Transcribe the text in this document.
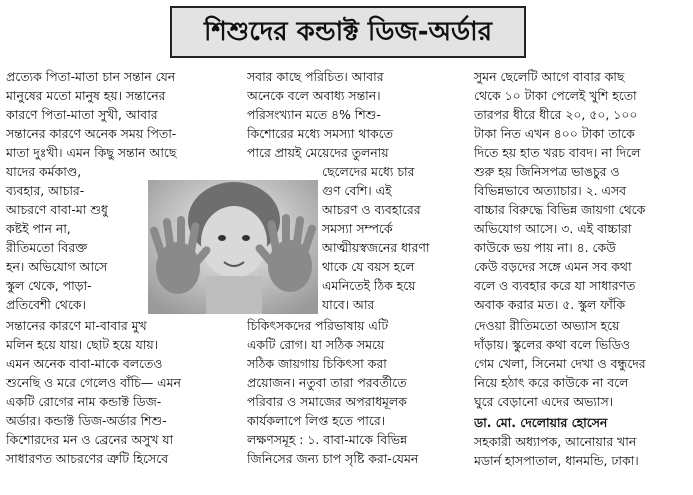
শিশুদের কন্ডাক্ট ডিজ-অর্ডার
প্রত্যেক পিতা-মাতা চান সন্তান যেন
মানুষের মতো মানুষ হয়। সন্তানের
কারণে পিতা-মাতা সুখী, আবার
সন্তানের কারণে অনেক সময় পিতা-
মাতা দুঃখী। এমন কিছু সন্তান আছে
যাদের কর্মকাণ্ড,
ব্যবহার, আচার-
আচরণে বাবা-মা শুধু
কষ্টই পান না,
রীতিমতো বিরক্ত
হন। অভিযোগ আসে
স্কুল থেকে, পাড়া-
প্রতিবেশী থেকে।
সন্তানের কারণে মা-বাবার মুখ
মলিন হয়ে যায়। ছোট হয়ে যায়।
এমন অনেক বাবা-মাকে বলতেও
শুনেছি ও মরে গেলেও বাঁচি— এমন
একটি রোগের নাম কন্ডাক্ট ডিজ-
অর্ডার। কন্ডাক্ট ডিজ-অর্ডার শিশু-
কিশোরদের মন ও ব্রেনের অসুখ যা
সাধারণত আচরণের ত্রুটি হিসেবে
সবার কাছে পরিচিত। আবার
অনেকে বলে অবাধ্য সন্তান।
পরিসংখ্যান মতে ৪% শিশু-
কিশোরের মধ্যে সমস্যা থাকতে
পারে প্রায়ই মেয়েদের তুলনায়
ছেলেদের মধ্যে চার
গুণ বেশি। এই
আচরণ ও ব্যবহারের
সমস্যা সম্পর্কে
আত্মীয়স্বজনের ধারণা
থাকে যে বয়স হলে
এমনিতেই ঠিক হয়ে
যাবে। আর
চিকিৎসকদের পরিভাষায় এটি
একটি রোগ। যা সঠিক সময়ে
সঠিক জায়গায় চিকিৎসা করা
প্রয়োজন। নতুবা তারা পরবর্তীতে
পরিবার ও সমাজের অপরাধমূলক
কার্যকলাপে লিপ্ত হতে পারে।
লক্ষণসমূহ : ১. বাবা-মাকে বিভিন্ন
জিনিসের জন্য চাপ সৃষ্টি করা-যেমন
সুমন ছেলেটি আগে বাবার কাছ
থেকে ১০ টাকা পেলেই খুশি হতো
তারপর ধীরে ধীরে ২০, ৫০, ১০০
টাকা নিত এখন ৪০০ টাকা তাকে
দিতে হয় হাত খরচ বাবদ। না দিলে
শুরু হয় জিনিসপত্র ভাঙচুর ও
বিভিন্নভাবে অত্যাচার। ২. এসব
বাচ্চার বিরুদ্ধে বিভিন্ন জায়গা থেকে
অভিযোগ আসে। ৩. এই বাচ্চারা
কাউকে ভয় পায় না। ৪. কেউ
কেউ বড়দের সঙ্গে এমন সব কথা
বলে ও ব্যবহার করে যা সাধারণত
অবাক করার মত। ৫. স্কুল ফাঁকি
দেওয়া রীতিমতো অভ্যাস হয়ে
দাঁড়ায়। স্কুলের কথা বলে ভিডিও
গেম খেলা, সিনেমা দেখা ও বন্ধুদের
নিয়ে হঠাৎ করে কাউকে না বলে
ঘুরে বেড়ানো এদের অভ্যাস।
ডা. মো. দেলোয়ার হোসেন
সহকারী অধ্যাপক, আনোয়ার খান
মডার্ন হাসপাতাল, ধানমন্ডি, ঢাকা।
